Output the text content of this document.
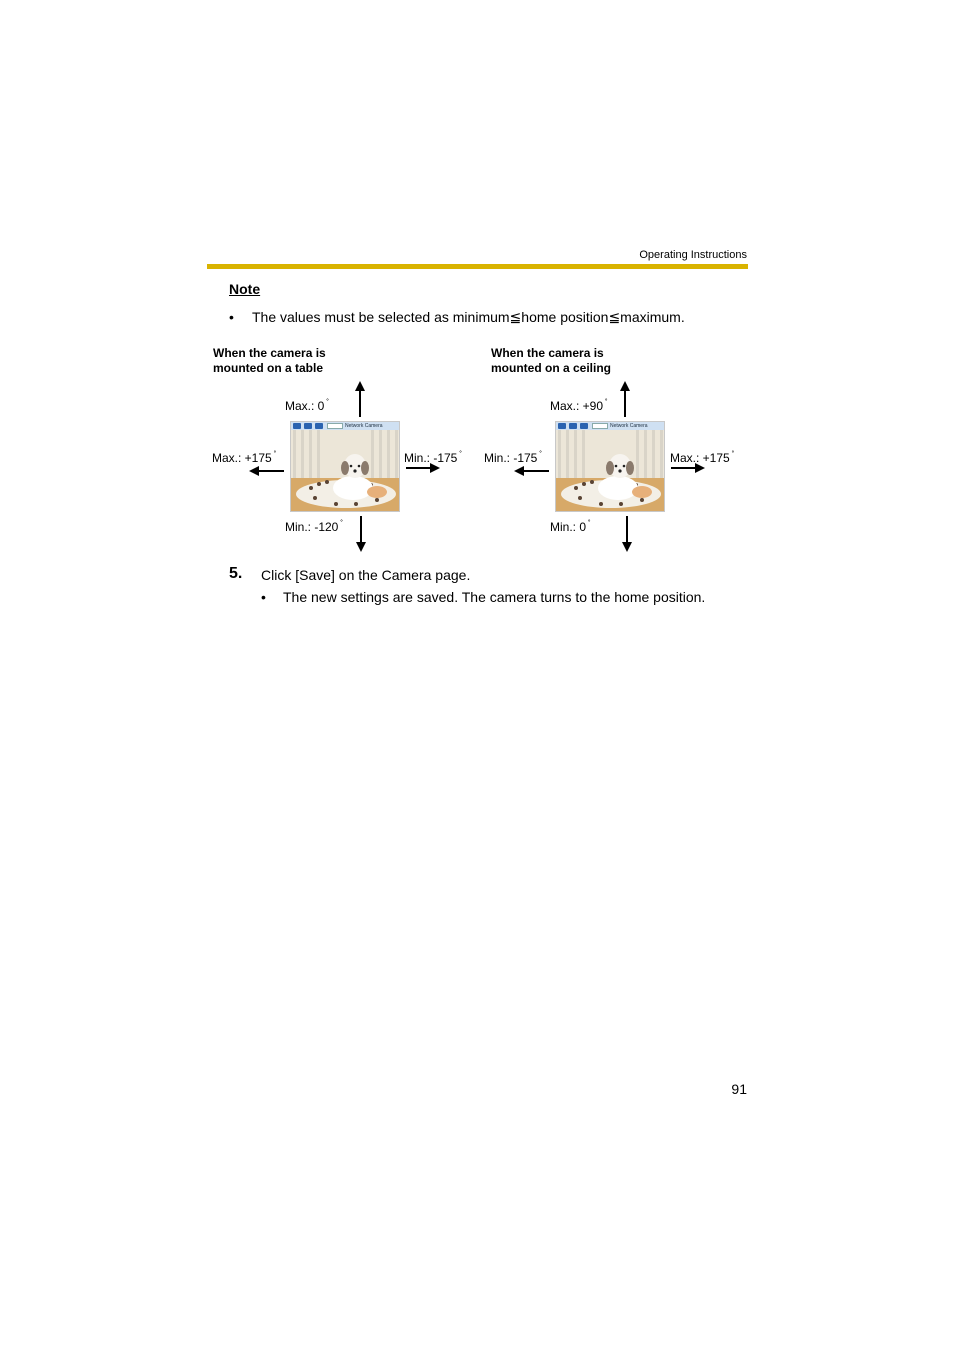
Operating Instructions
Note
• The values must be selected as minimum≦home position≦maximum.
When the camera is
mounted on a table
Max.: 0 ˚
Max.: +175 ˚	Min.: -175 ˚
Min.: -120 ˚
Network Camera
When the camera is
mounted on a ceiling
Max.: +90 ˚
Min.: -175 ˚	Max.: +175 ˚
Min.: 0 ˚
Network Camera
5. Click [Save] on the Camera page.
• The new settings are saved. The camera turns to the home position.
91
